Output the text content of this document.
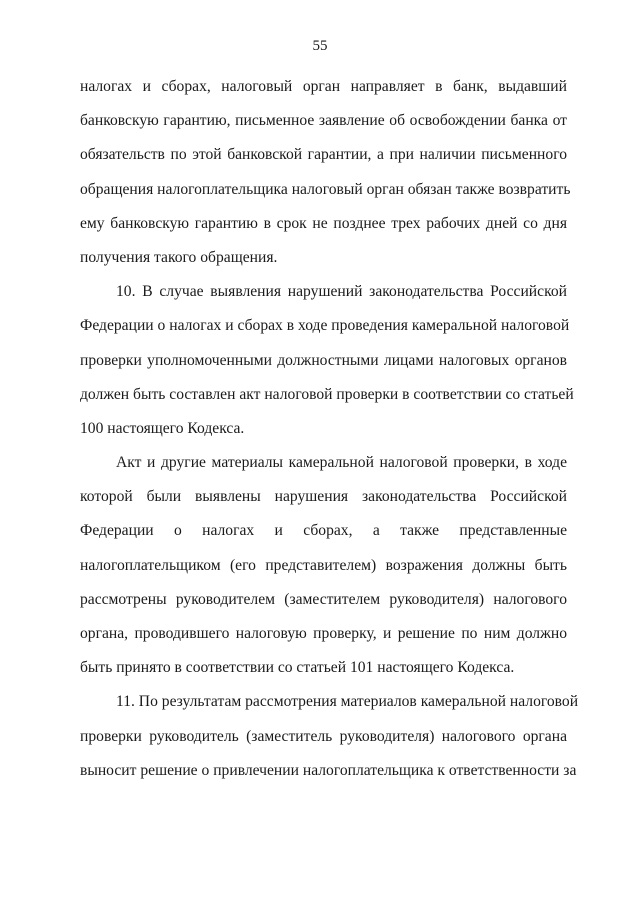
55
налогах и сборах, налоговый орган направляет в банк, выдавший
банковскую гарантию, письменное заявление об освобождении банка от
обязательств по этой банковской гарантии, а при наличии письменного
обращения налогоплательщика налоговый орган обязан также возвратить
ему банковскую гарантию в срок не позднее трех рабочих дней со дня
получения такого обращения.
10. В случае выявления нарушений законодательства Российской
Федерации о налогах и сборах в ходе проведения камеральной налоговой
проверки уполномоченными должностными лицами налоговых органов
должен быть составлен акт налоговой проверки в соответствии со статьей
100 настоящего Кодекса.
Акт и другие материалы камеральной налоговой проверки, в ходе
которой были выявлены нарушения законодательства Российской
Федерации о налогах и сборах, а также представленные
налогоплательщиком (его представителем) возражения должны быть
рассмотрены руководителем (заместителем руководителя) налогового
органа, проводившего налоговую проверку, и решение по ним должно
быть принято в соответствии со статьей 101 настоящего Кодекса.
11. По результатам рассмотрения материалов камеральной налоговой
проверки руководитель (заместитель руководителя) налогового органа
выносит решение о привлечении налогоплательщика к ответственности за
